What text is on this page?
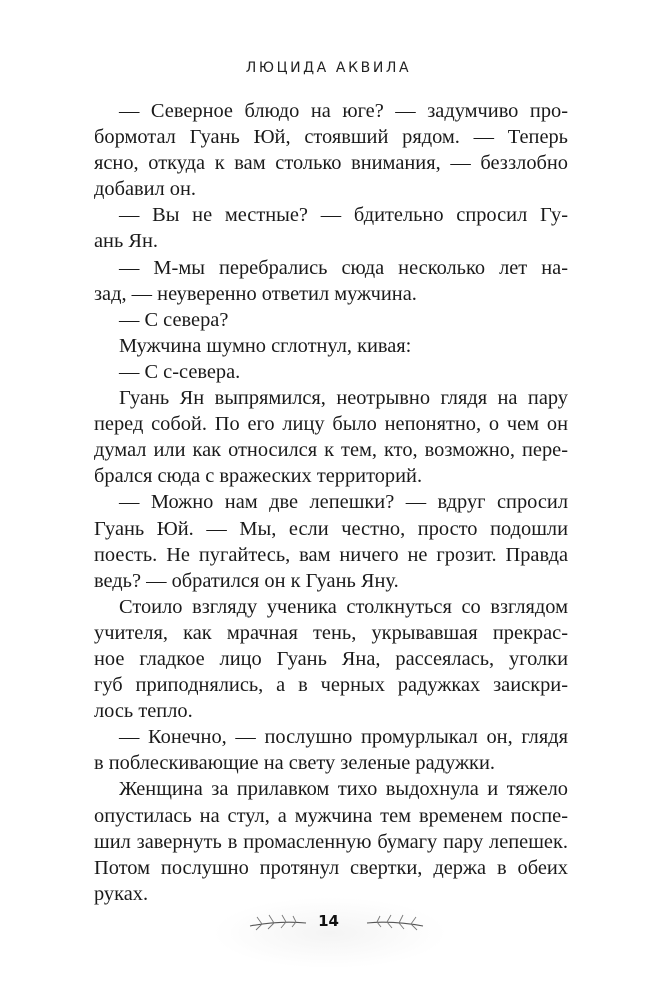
ЛЮЦИДА АКВИЛА
— Северное блюдо на юге? — задумчиво про-
бормотал Гуань Юй, стоявший рядом. — Теперь
ясно, откуда к вам столько внимания, — беззлобно
добавил он.
— Вы не местные? — бдительно спросил Гу-
ань Ян.
— М-мы перебрались сюда несколько лет на-
зад, — неуверенно ответил мужчина.
— С севера?
Мужчина шумно сглотнул, кивая:
— С с-севера.
Гуань Ян выпрямился, неотрывно глядя на пару
перед собой. По его лицу было непонятно, о чем он
думал или как относился к тем, кто, возможно, пере-
брался сюда с вражеских территорий.
— Можно нам две лепешки? — вдруг спросил
Гуань Юй. — Мы, если честно, просто подошли
поесть. Не пугайтесь, вам ничего не грозит. Правда
ведь? — обратился он к Гуань Яну.
Стоило взгляду ученика столкнуться со взглядом
учителя, как мрачная тень, укрывавшая прекрас-
ное гладкое лицо Гуань Яна, рассеялась, уголки
губ приподнялись, а в черных радужках заискри-
лось тепло.
— Конечно, — послушно промурлыкал он, глядя
в поблескивающие на свету зеленые радужки.
Женщина за прилавком тихо выдохнула и тяжело
опустилась на стул, а мужчина тем временем поспе-
шил завернуть в промасленную бумагу пару лепешек.
Потом послушно протянул свертки, держа в обеих
руках.
14
